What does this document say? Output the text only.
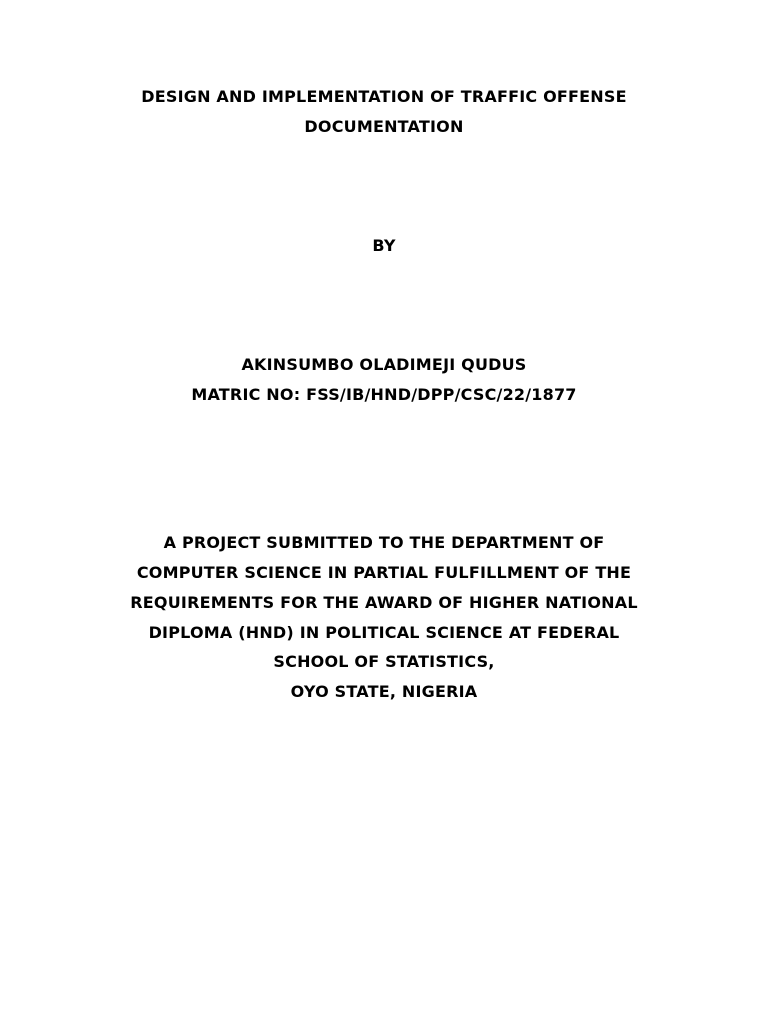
DESIGN AND IMPLEMENTATION OF TRAFFIC OFFENSE
DOCUMENTATION
BY
AKINSUMBO OLADIMEJI QUDUS
MATRIC NO: FSS/IB/HND/DPP/CSC/22/1877
A PROJECT SUBMITTED TO THE DEPARTMENT OF
COMPUTER SCIENCE IN PARTIAL FULFILLMENT OF THE
REQUIREMENTS FOR THE AWARD OF HIGHER NATIONAL
DIPLOMA (HND) IN POLITICAL SCIENCE AT FEDERAL
SCHOOL OF STATISTICS,
OYO STATE, NIGERIA
